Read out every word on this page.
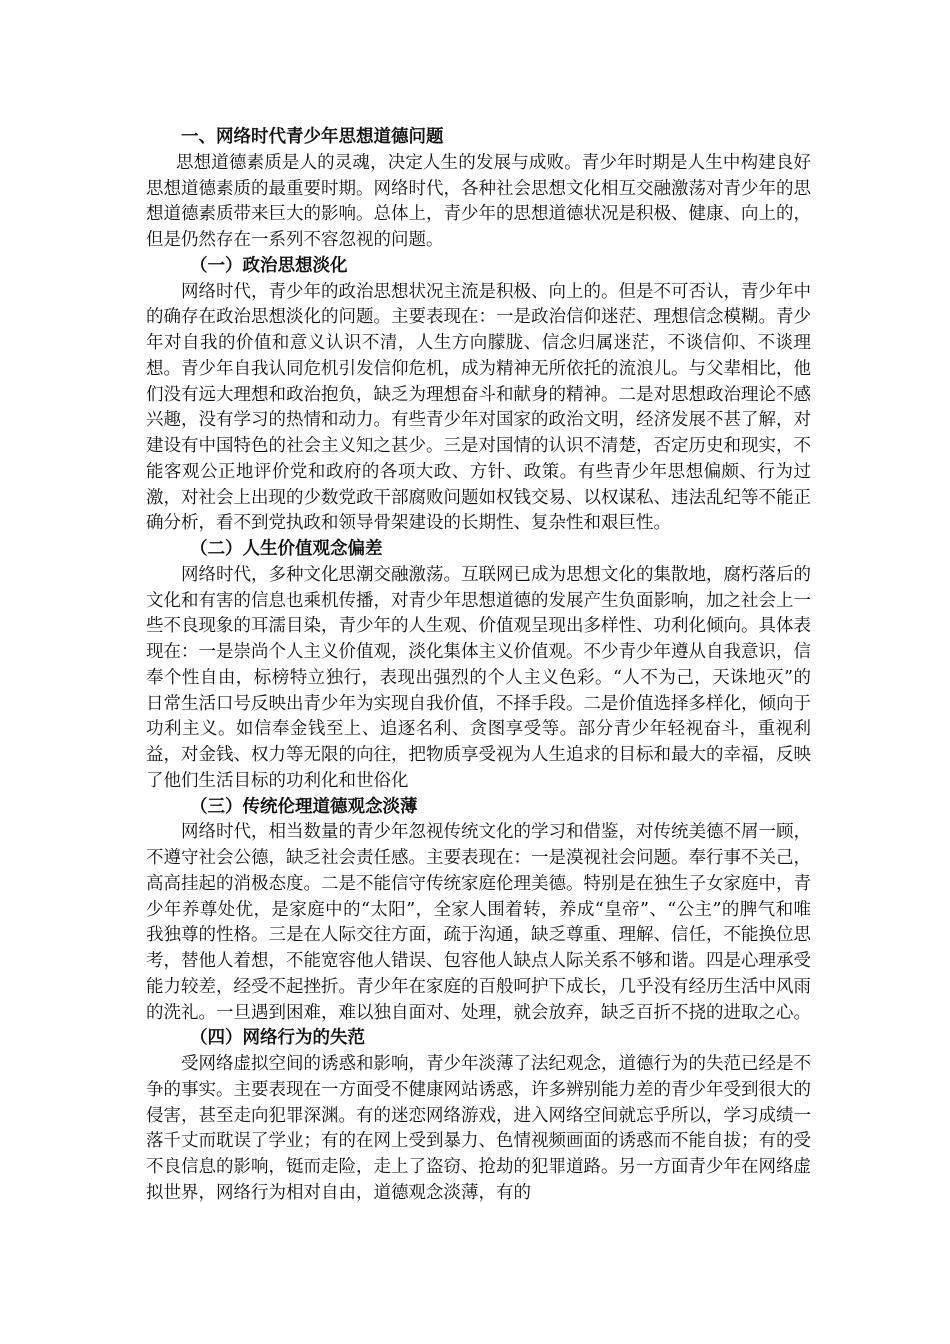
一、网络时代青少年思想道德问题

思想道德素质是人的灵魂，决定人生的发展与成败。青少年时期是人生中构建良好思想道德素质的最重要时期。网络时代，各种社会思想文化相互交融激荡对青少年的思想道德素质带来巨大的影响。总体上，青少年的思想道德状况是积极、健康、向上的，但是仍然存在一系列不容忽视的问题。

（一）政治思想淡化

网络时代，青少年的政治思想状况主流是积极、向上的。但是不可否认，青少年中的确存在政治思想淡化的问题。主要表现在：一是政治信仰迷茫、理想信念模糊。青少年对自我的价值和意义认识不清，人生方向朦胧、信念归属迷茫，不谈信仰、不谈理想。青少年自我认同危机引发信仰危机，成为精神无所依托的流浪儿。与父辈相比，他们没有远大理想和政治抱负，缺乏为理想奋斗和献身的精神。二是对思想政治理论不感兴趣，没有学习的热情和动力。有些青少年对国家的政治文明，经济发展不甚了解，对建设有中国特色的社会主义知之甚少。三是对国情的认识不清楚，否定历史和现实，不能客观公正地评价党和政府的各项大政、方针、政策。有些青少年思想偏颇、行为过激，对社会上出现的少数党政干部腐败问题如权钱交易、以权谋私、违法乱纪等不能正确分析，看不到党执政和领导骨架建设的长期性、复杂性和艰巨性。

（二）人生价值观念偏差

网络时代，多种文化思潮交融激荡。互联网已成为思想文化的集散地，腐朽落后的文化和有害的信息也乘机传播，对青少年思想道德的发展产生负面影响，加之社会上一些不良现象的耳濡目染，青少年的人生观、价值观呈现出多样性、功利化倾向。具体表现在：一是崇尚个人主义价值观，淡化集体主义价值观。不少青少年遵从自我意识，信奉个性自由，标榜特立独行，表现出强烈的个人主义色彩。“人不为己，天诛地灭”的日常生活口号反映出青少年为实现自我价值，不择手段。二是价值选择多样化，倾向于功利主义。如信奉金钱至上、追逐名利、贪图享受等。部分青少年轻视奋斗，重视利益，对金钱、权力等无限的向往，把物质享受视为人生追求的目标和最大的幸福，反映了他们生活目标的功利化和世俗化

（三）传统伦理道德观念淡薄

网络时代，相当数量的青少年忽视传统文化的学习和借鉴，对传统美德不屑一顾，不遵守社会公德，缺乏社会责任感。主要表现在：一是漠视社会问题。奉行事不关己，高高挂起的消极态度。二是不能信守传统家庭伦理美德。特别是在独生子女家庭中，青少年养尊处优，是家庭中的“太阳”，全家人围着转，养成“皇帝”、“公主”的脾气和唯我独尊的性格。三是在人际交往方面，疏于沟通，缺乏尊重、理解、信任，不能换位思考，替他人着想，不能宽容他人错误、包容他人缺点人际关系不够和谐。四是心理承受能力较差，经受不起挫折。青少年在家庭的百般呵护下成长，几乎没有经历生活中风雨的洗礼。一旦遇到困难，难以独自面对、处理，就会放弃，缺乏百折不挠的进取之心。

（四）网络行为的失范

受网络虚拟空间的诱惑和影响，青少年淡薄了法纪观念，道德行为的失范已经是不争的事实。主要表现在一方面受不健康网站诱惑，许多辨别能力差的青少年受到很大的侵害，甚至走向犯罪深渊。有的迷恋网络游戏，进入网络空间就忘乎所以，学习成绩一落千丈而耽误了学业；有的在网上受到暴力、色情视频画面的诱惑而不能自拔；有的受不良信息的影响，铤而走险，走上了盗窃、抢劫的犯罪道路。另一方面青少年在网络虚拟世界，网络行为相对自由，道德观念淡薄，有的
